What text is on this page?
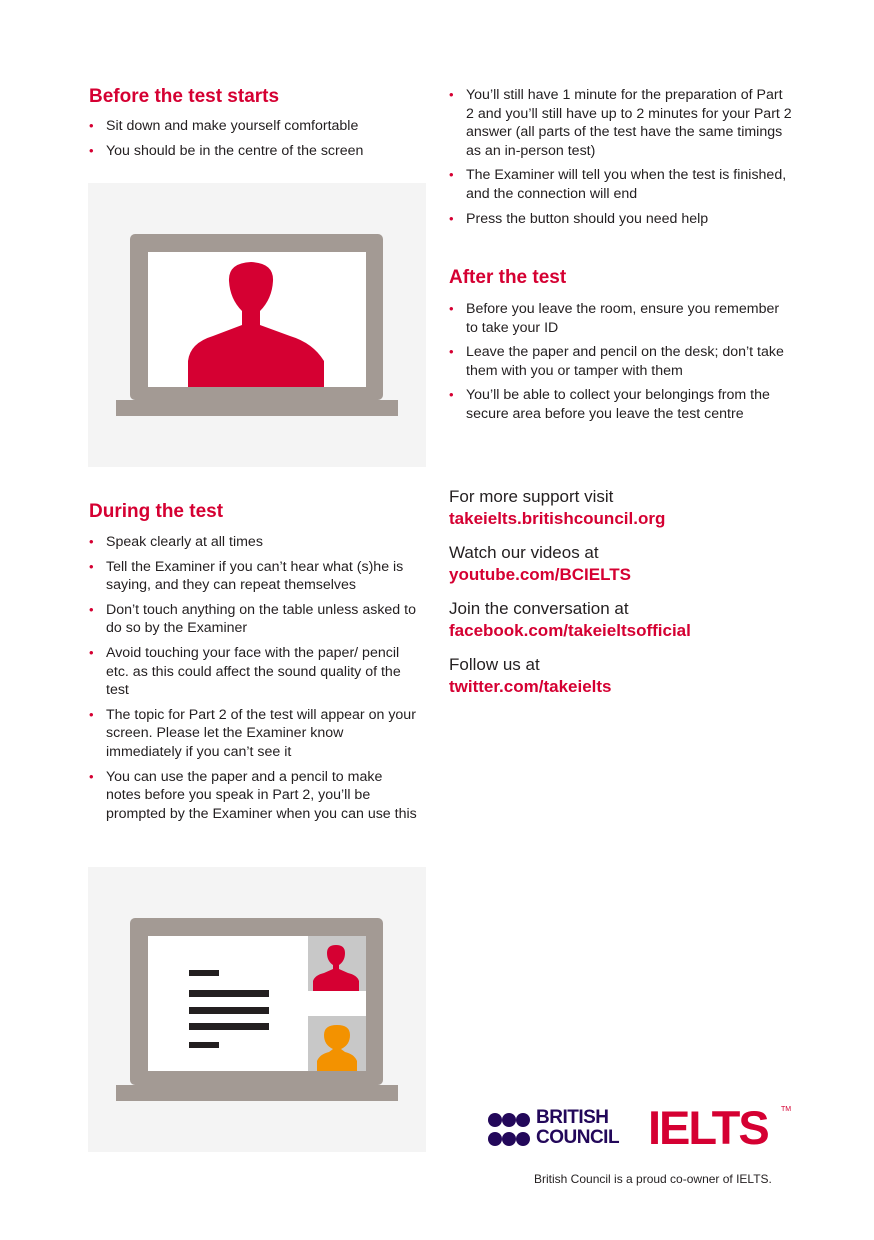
Before the test starts
• Sit down and make yourself comfortable
• You should be in the centre of the screen
During the test
• Speak clearly at all times
• Tell the Examiner if you can’t hear what (s)he is saying, and they can repeat themselves
• Don’t touch anything on the table unless asked to do so by the Examiner
• Avoid touching your face with the paper/ pencil etc. as this could affect the sound quality of the test
• The topic for Part 2 of the test will appear on your screen. Please let the Examiner know immediately if you can’t see it
• You can use the paper and a pencil to make notes before you speak in Part 2, you’ll be prompted by the Examiner when you can use this
• You’ll still have 1 minute for the preparation of Part 2 and you’ll still have up to 2 minutes for your Part 2 answer (all parts of the test have the same timings as an in-person test)
• The Examiner will tell you when the test is finished, and the connection will end
• Press the button should you need help
After the test
• Before you leave the room, ensure you remember to take your ID
• Leave the paper and pencil on the desk; don’t take them with you or tamper with them
• You’ll be able to collect your belongings from the secure area before you leave the test centre

For more support visit

takeielts.britishcouncil.org

Watch our videos at

youtube.com/BCIELTS

Join the conversation at

facebook.com/takeieltsofficial

Follow us at

twitter.com/takeielts

BRITISH
COUNCIL IELTS TM
British Council is a proud co-owner of IELTS.
